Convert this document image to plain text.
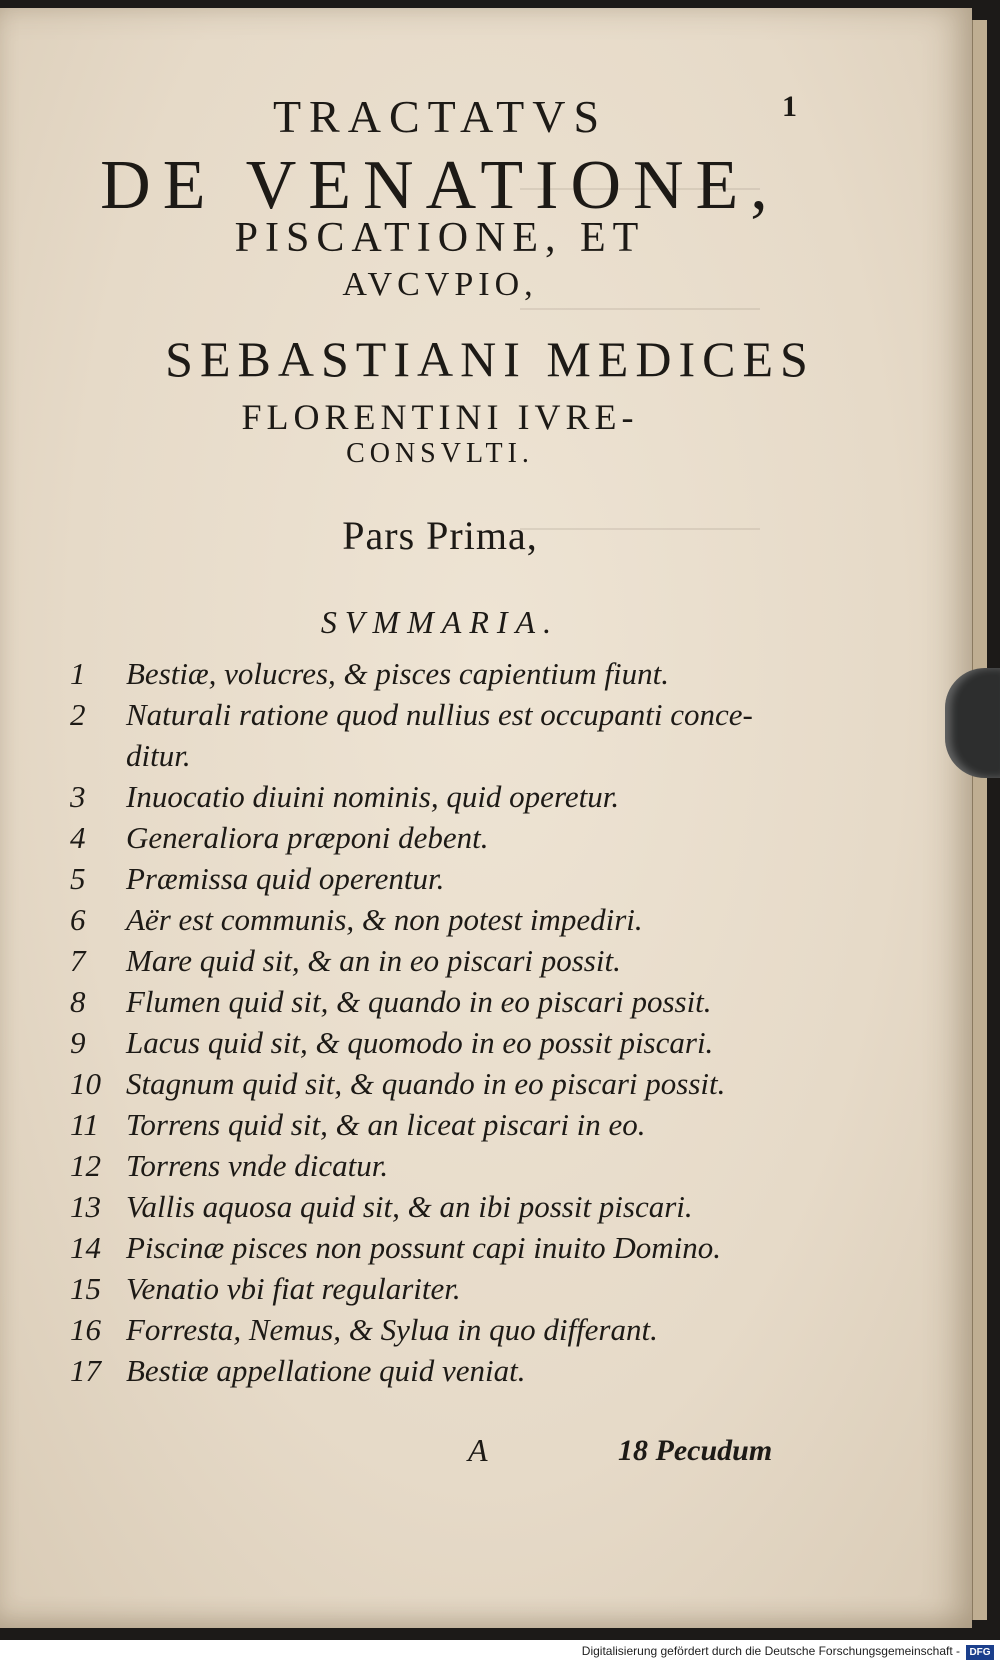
1
TRACTATVS
DE VENATIONE,
PISCATIONE, ET
AVCVPIO,
SEBASTIANI MEDICES
FLORENTINI IVRE-
CONSVLTI.
Pars Prima,
SVMMARIA.
1	Bestiæ, volucres, & pisces capientium fiunt.
2	Naturali ratione quod nullius est occupanti conce-
ditur.
3	Inuocatio diuini nominis, quid operetur.
4	Generaliora præponi debent.
5	Præmissa quid operentur.
6	Aër est communis, & non potest impediri.
7	Mare quid sit, & an in eo piscari possit.
8	Flumen quid sit, & quando in eo piscari possit.
9	Lacus quid sit, & quomodo in eo possit piscari.
10 Stagnum quid sit, & quando in eo piscari possit.
11 Torrens quid sit, & an liceat piscari in eo.
12 Torrens vnde dicatur.
13 Vallis aquosa quid sit, & an ibi possit piscari.
14 Piscinæ pisces non possunt capi inuito Domino.
15 Venatio vbi fiat regulariter.
16 Forresta, Nemus, & Sylua in quo differant.
17 Bestiæ appellatione quid veniat.
A	18 Pecudum
Digitalisierung gefördert durch die Deutsche Forschungsgemeinschaft - DFG
